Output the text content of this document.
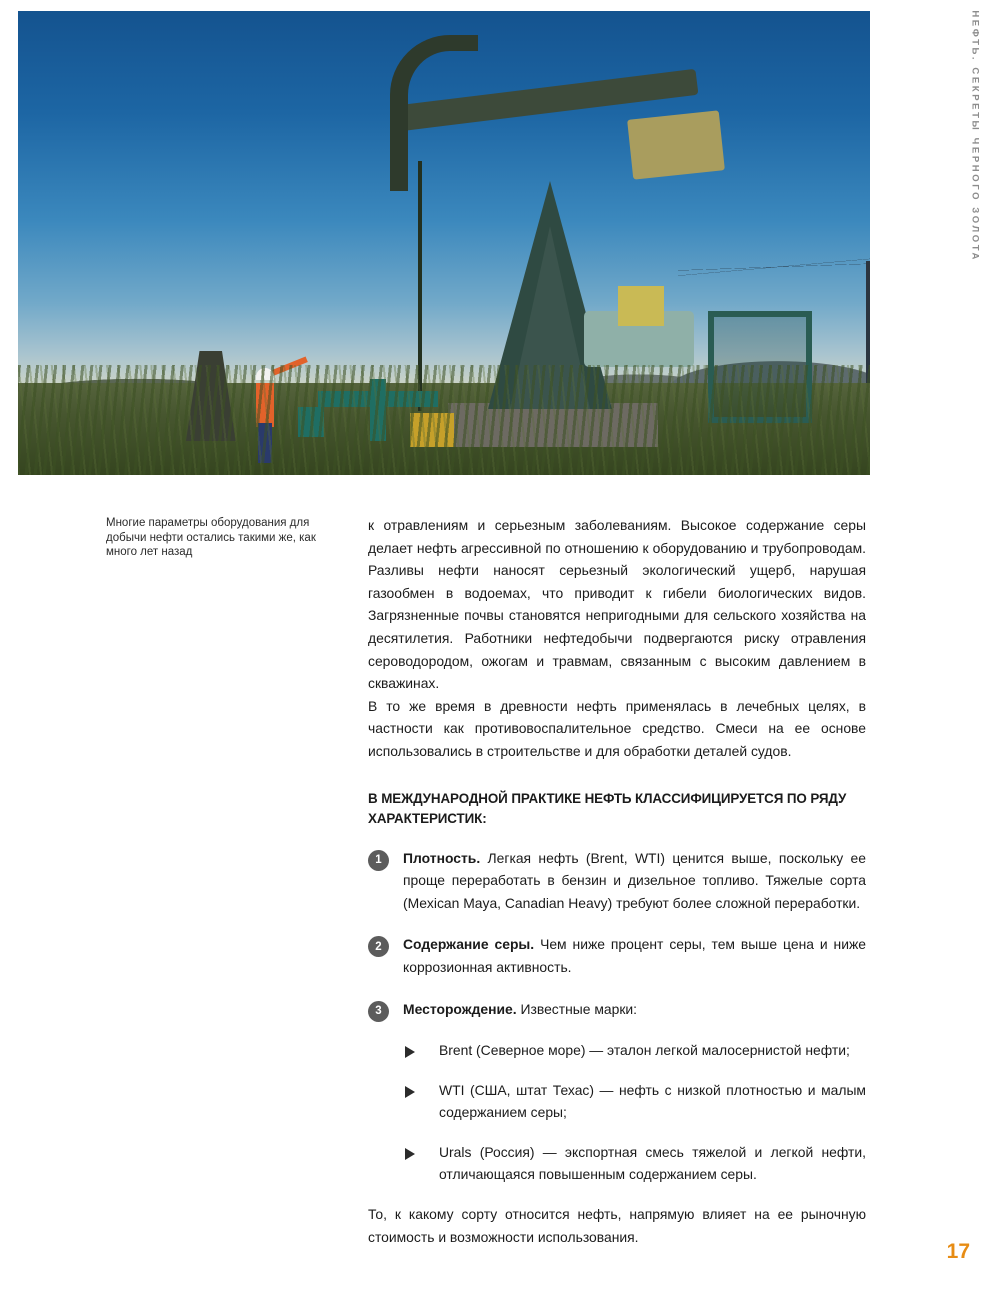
НЕФТЬ. СЕКРЕТЫ ЧЕРНОГО ЗОЛОТА
Многие параметры оборудования для добычи нефти остались такими же, как много лет назад

к отравлениям и серьезным заболеваниям. Высокое содержание серы делает нефть агрессивной по отношению к оборудованию и трубопроводам. Разливы нефти наносят серьезный экологический ущерб, нарушая газообмен в водоемах, что приводит к гибели биологических видов. Загрязненные почвы становятся непригодными для сельского хозяйства на десятилетия. Работники нефтедобычи подвергаются риску отравления сероводородом, ожогам и травмам, связанным с высоким давлением в скважинах.

В то же время в древности нефть применялась в лечебных целях, в частности как противовоспалительное средство. Смеси на ее основе использовались в строительстве и для обработки деталей судов.

В МЕЖДУНАРОДНОЙ ПРАКТИКЕ НЕФТЬ КЛАССИФИЦИРУЕТСЯ ПО РЯДУ ХАРАКТЕРИСТИК:
1	Плотность. Легкая нефть (Brent, WTI) ценится выше, поскольку ее проще переработать в бензин и дизельное топливо. Тяжелые сорта (Mexican Maya, Canadian Heavy) требуют более сложной переработки.
2	Содержание серы. Чем ниже процент серы, тем выше цена и ниже коррозионная активность.
3	Месторождение. Известные марки:
Brent (Северное море) — эталон легкой малосернистой нефти;
WTI (США, штат Техас) — нефть с низкой плотностью и малым содержанием серы;
Urals (Россия) — экспортная смесь тяжелой и легкой нефти, отличающаяся повышенным содержанием серы.

То, к какому сорту относится нефть, напрямую влияет на ее рыночную стоимость и возможности использования.

17
